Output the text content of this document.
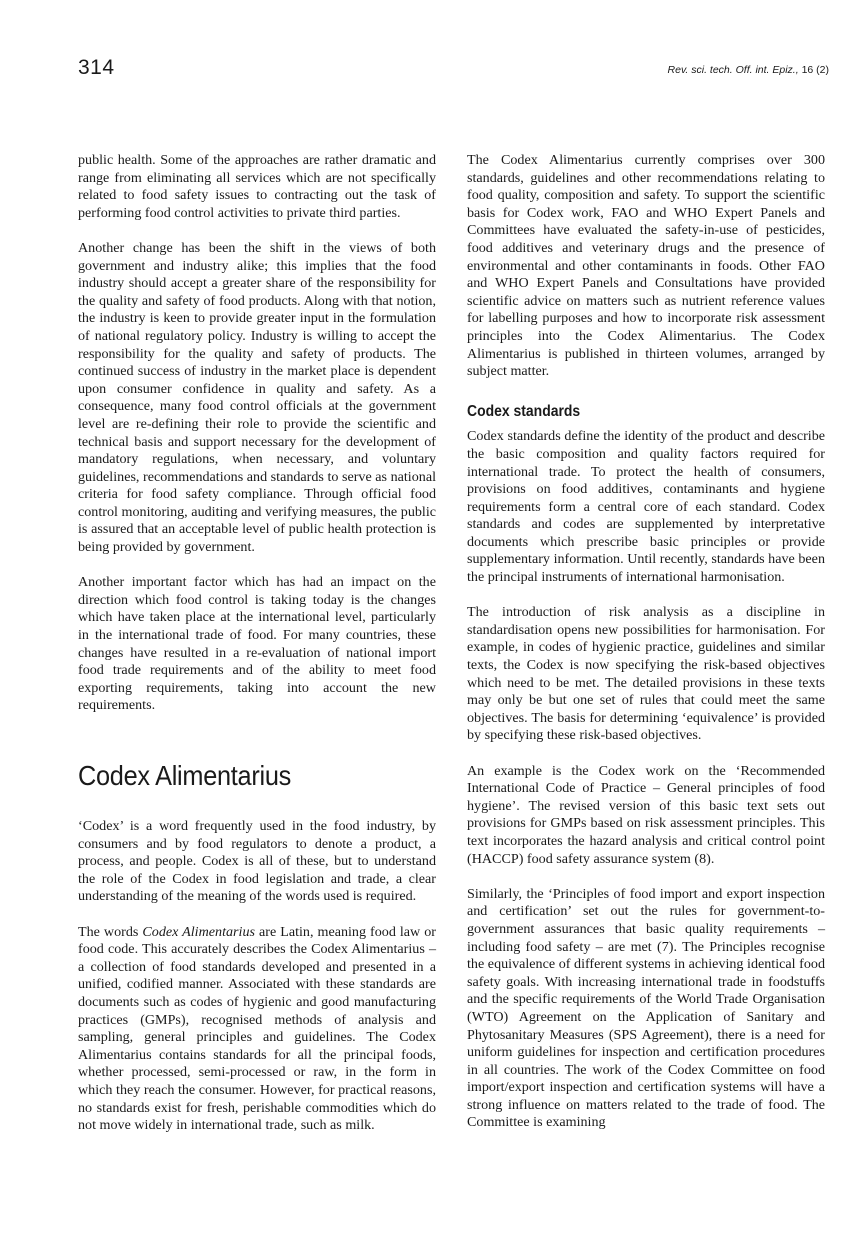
314	Rev. sci. tech. Off. int. Epiz., 16 (2)

public health. Some of the approaches are rather dramatic and range from eliminating all services which are not specifically related to food safety issues to contracting out the task of performing food control activities to private third parties.

Another change has been the shift in the views of both government and industry alike; this implies that the food industry should accept a greater share of the responsibility for the quality and safety of food products. Along with that notion, the industry is keen to provide greater input in the formulation of national regulatory policy. Industry is willing to accept the responsibility for the quality and safety of products. The continued success of industry in the market place is dependent upon consumer confidence in quality and safety. As a consequence, many food control officials at the government level are re-defining their role to provide the scientific and technical basis and support necessary for the development of mandatory regulations, when necessary, and voluntary guidelines, recommendations and standards to serve as national criteria for food safety compliance. Through official food control monitoring, auditing and verifying measures, the public is assured that an acceptable level of public health protection is being provided by government.

Another important factor which has had an impact on the direction which food control is taking today is the changes which have taken place at the international level, particularly in the international trade of food. For many countries, these changes have resulted in a re-evaluation of national import food trade requirements and of the ability to meet food exporting requirements, taking into account the new requirements.

Codex Alimentarius

‘Codex’ is a word frequently used in the food industry, by consumers and by food regulators to denote a product, a process, and people. Codex is all of these, but to understand the role of the Codex in food legislation and trade, a clear understanding of the meaning of the words used is required.

The words Codex Alimentarius are Latin, meaning food law or food code. This accurately describes the Codex Alimentarius – a collection of food standards developed and presented in a unified, codified manner. Associated with these standards are documents such as codes of hygienic and good manufacturing practices (GMPs), recognised methods of analysis and sampling, general principles and guidelines. The Codex Alimentarius contains standards for all the principal foods, whether processed, semi-processed or raw, in the form in which they reach the consumer. However, for practical reasons, no standards exist for fresh, perishable commodities which do not move widely in international trade, such as milk.

The Codex Alimentarius currently comprises over 300 standards, guidelines and other recommendations relating to food quality, composition and safety. To support the scientific basis for Codex work, FAO and WHO Expert Panels and Committees have evaluated the safety-in-use of pesticides, food additives and veterinary drugs and the presence of environmental and other contaminants in foods. Other FAO and WHO Expert Panels and Consultations have provided scientific advice on matters such as nutrient reference values for labelling purposes and how to incorporate risk assessment principles into the Codex Alimentarius. The Codex Alimentarius is published in thirteen volumes, arranged by subject matter.

Codex standards

Codex standards define the identity of the product and describe the basic composition and quality factors required for international trade. To protect the health of consumers, provisions on food additives, contaminants and hygiene requirements form a central core of each standard. Codex standards and codes are supplemented by interpretative documents which prescribe basic principles or provide supplementary information. Until recently, standards have been the principal instruments of international harmonisation.

The introduction of risk analysis as a discipline in standardisation opens new possibilities for harmonisation. For example, in codes of hygienic practice, guidelines and similar texts, the Codex is now specifying the risk-based objectives which need to be met. The detailed provisions in these texts may only be but one set of rules that could meet the same objectives. The basis for determining ‘equivalence’ is provided by specifying these risk-based objectives.

An example is the Codex work on the ‘Recommended International Code of Practice – General principles of food hygiene’. The revised version of this basic text sets out provisions for GMPs based on risk assessment principles. This text incorporates the hazard analysis and critical control point (HACCP) food safety assurance system (8).

Similarly, the ‘Principles of food import and export inspection and certification’ set out the rules for government-to-government assurances that basic quality requirements – including food safety – are met (7). The Principles recognise the equivalence of different systems in achieving identical food safety goals. With increasing international trade in foodstuffs and the specific requirements of the World Trade Organisation (WTO) Agreement on the Application of Sanitary and Phytosanitary Measures (SPS Agreement), there is a need for uniform guidelines for inspection and certification procedures in all countries. The work of the Codex Committee on food import/export inspection and certification systems will have a strong influence on matters related to the trade of food. The Committee is examining
